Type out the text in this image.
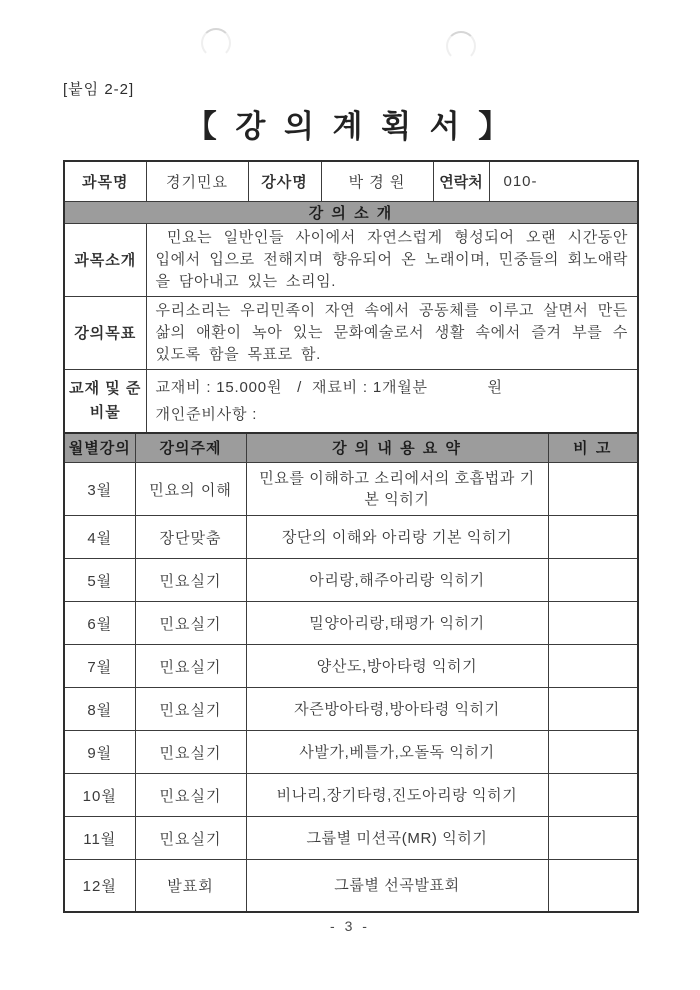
[붙임 2-2]
【 강 의 계 획 서 】
과목명	경기민요	강사명	박 경 원	연락처	010-
강 의 소 개					
과목소개	민요는 일반인들 사이에서 자연스럽게 형성되어 오랜 시간동안 입에서 입으로 전해지며 향유되어 온 노래이며, 민중들의 회노애락을 담아내고 있는 소리임.				
강의목표	우리소리는 우리민족이 자연 속에서 공동체를 이루고 살면서 만든 삶의 애환이 녹아 있는 문화예술로서 생활 속에서 즐겨 부를 수 있도록 함을 목표로 함.				
교재 및 준비물	교재비 : 15.000원   /  재료비 : 1개월분            원
개인준비사항 :				
월별강의	강의주제	강 의 내 용 요 약	비 고
3월	민요의 이해	민요를 이해하고 소리에서의 호흡법과 기본 익히기	
4월	장단맞춤	장단의 이해와 아리랑 기본 익히기	
5월	민요실기	아리랑,해주아리랑 익히기	
6월	민요실기	밀양아리랑,태평가 익히기	
7월	민요실기	양산도,방아타령 익히기	
8월	민요실기	자즌방아타령,방아타령 익히기	
9월	민요실기	사발가,베틀가,오돌독 익히기	
10월	민요실기	비나리,장기타령,진도아리랑 익히기	
11월	민요실기	그룹별 미션곡(MR) 익히기	
12월	발표회	그룹별 선곡발표회	
- 3 -
